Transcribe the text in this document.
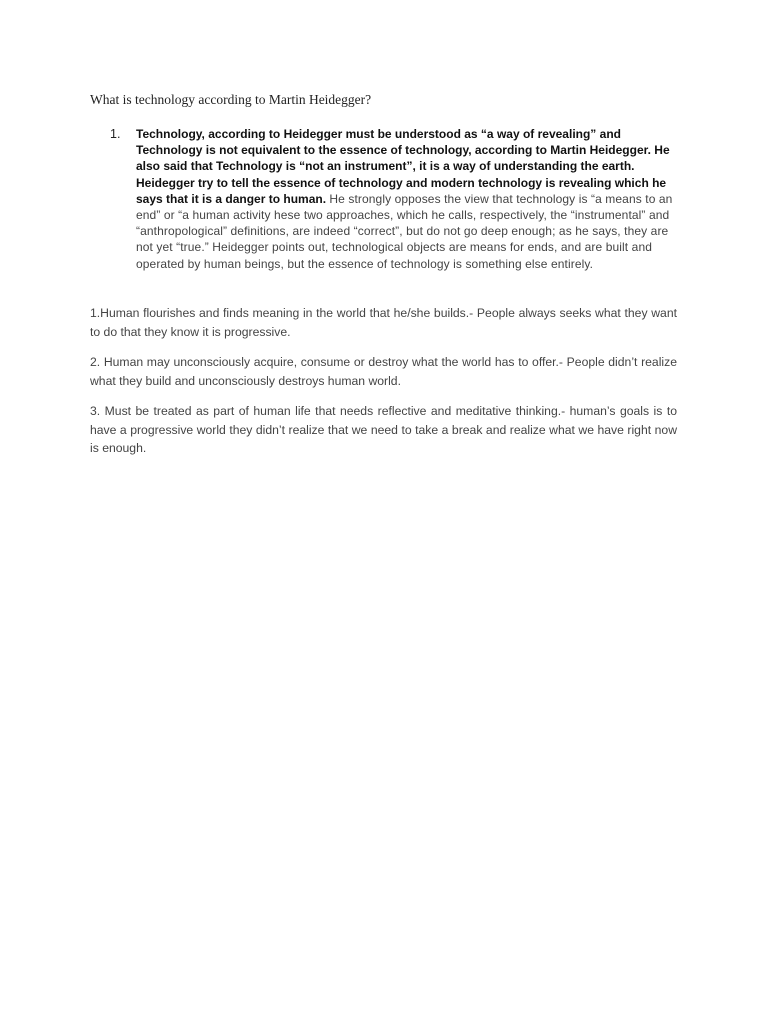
What is technology according to Martin Heidegger?

1.	Technology, according to Heidegger must be understood as “a way of revealing” and Technology is not equivalent to the essence of technology, according to Martin Heidegger. He also said that Technology is “not an instrument”, it is a way of understanding the earth. Heidegger try to tell the essence of technology and modern technology is revealing which he says that it is a danger to human. He strongly opposes the view that technology is “a means to an end” or “a human activity hese two approaches, which he calls, respectively, the “instrumental” and “anthropological” definitions, are indeed “correct”, but do not go deep enough; as he says, they are not yet “true.” Heidegger points out, technological objects are means for ends, and are built and operated by human beings, but the essence of technology is something else entirely.

1.Human flourishes and finds meaning in the world that he/she builds.- People always seeks what they want to do that they know it is progressive.

2. Human may unconsciously acquire, consume or destroy what the world has to offer.- People didn’t realize what they build and unconsciously destroys human world.

3. Must be treated as part of human life that needs reflective and meditative thinking.- human’s goals is to have a progressive world they didn’t realize that we need to take a break and realize what we have right now is enough.
